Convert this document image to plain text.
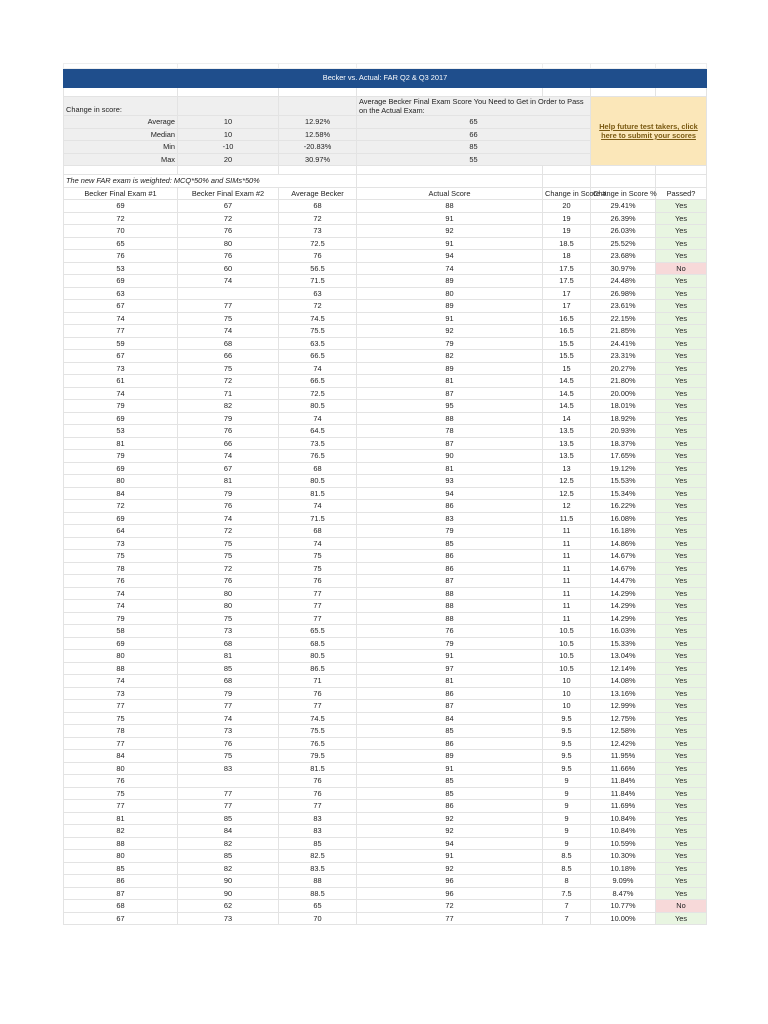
Becker vs. Actual: FAR Q2 & Q3 2017						

Change in score:			Average Becker Final Exam Score You Need to Get in Order to Pass on the Actual Exam:		Help future test takers, click here to submit your scores	

Average	10	12.92%	65			
Median	10	12.58%	66			
Min	-10	-20.83%	85			
Max	20	30.97%	55			

The new FAR exam is weighted: MCQ*50% and SIMs*50%						
Becker Final Exam #1	Becker Final Exam #2	Average Becker	Actual Score	Change in Score #	Change in Score %	Passed?
69	67	68	88	20	29.41%	Yes
72	72	72	91	19	26.39%	Yes
70	76	73	92	19	26.03%	Yes
65	80	72.5	91	18.5	25.52%	Yes
76	76	76	94	18	23.68%	Yes
53	60	56.5	74	17.5	30.97%	No
69	74	71.5	89	17.5	24.48%	Yes
63		63	80	17	26.98%	Yes
67	77	72	89	17	23.61%	Yes
74	75	74.5	91	16.5	22.15%	Yes
77	74	75.5	92	16.5	21.85%	Yes
59	68	63.5	79	15.5	24.41%	Yes
67	66	66.5	82	15.5	23.31%	Yes
73	75	74	89	15	20.27%	Yes
61	72	66.5	81	14.5	21.80%	Yes
74	71	72.5	87	14.5	20.00%	Yes
79	82	80.5	95	14.5	18.01%	Yes
69	79	74	88	14	18.92%	Yes
53	76	64.5	78	13.5	20.93%	Yes
81	66	73.5	87	13.5	18.37%	Yes
79	74	76.5	90	13.5	17.65%	Yes
69	67	68	81	13	19.12%	Yes
80	81	80.5	93	12.5	15.53%	Yes
84	79	81.5	94	12.5	15.34%	Yes
72	76	74	86	12	16.22%	Yes
69	74	71.5	83	11.5	16.08%	Yes
64	72	68	79	11	16.18%	Yes
73	75	74	85	11	14.86%	Yes
75	75	75	86	11	14.67%	Yes
78	72	75	86	11	14.67%	Yes
76	76	76	87	11	14.47%	Yes
74	80	77	88	11	14.29%	Yes
74	80	77	88	11	14.29%	Yes
79	75	77	88	11	14.29%	Yes
58	73	65.5	76	10.5	16.03%	Yes
69	68	68.5	79	10.5	15.33%	Yes
80	81	80.5	91	10.5	13.04%	Yes
88	85	86.5	97	10.5	12.14%	Yes
74	68	71	81	10	14.08%	Yes
73	79	76	86	10	13.16%	Yes
77	77	77	87	10	12.99%	Yes
75	74	74.5	84	9.5	12.75%	Yes
78	73	75.5	85	9.5	12.58%	Yes
77	76	76.5	86	9.5	12.42%	Yes
84	75	79.5	89	9.5	11.95%	Yes
80	83	81.5	91	9.5	11.66%	Yes
76		76	85	9	11.84%	Yes
75	77	76	85	9	11.84%	Yes
77	77	77	86	9	11.69%	Yes
81	85	83	92	9	10.84%	Yes
82	84	83	92	9	10.84%	Yes
88	82	85	94	9	10.59%	Yes
80	85	82.5	91	8.5	10.30%	Yes
85	82	83.5	92	8.5	10.18%	Yes
86	90	88	96	8	9.09%	Yes
87	90	88.5	96	7.5	8.47%	Yes
68	62	65	72	7	10.77%	No
67	73	70	77	7	10.00%	Yes
